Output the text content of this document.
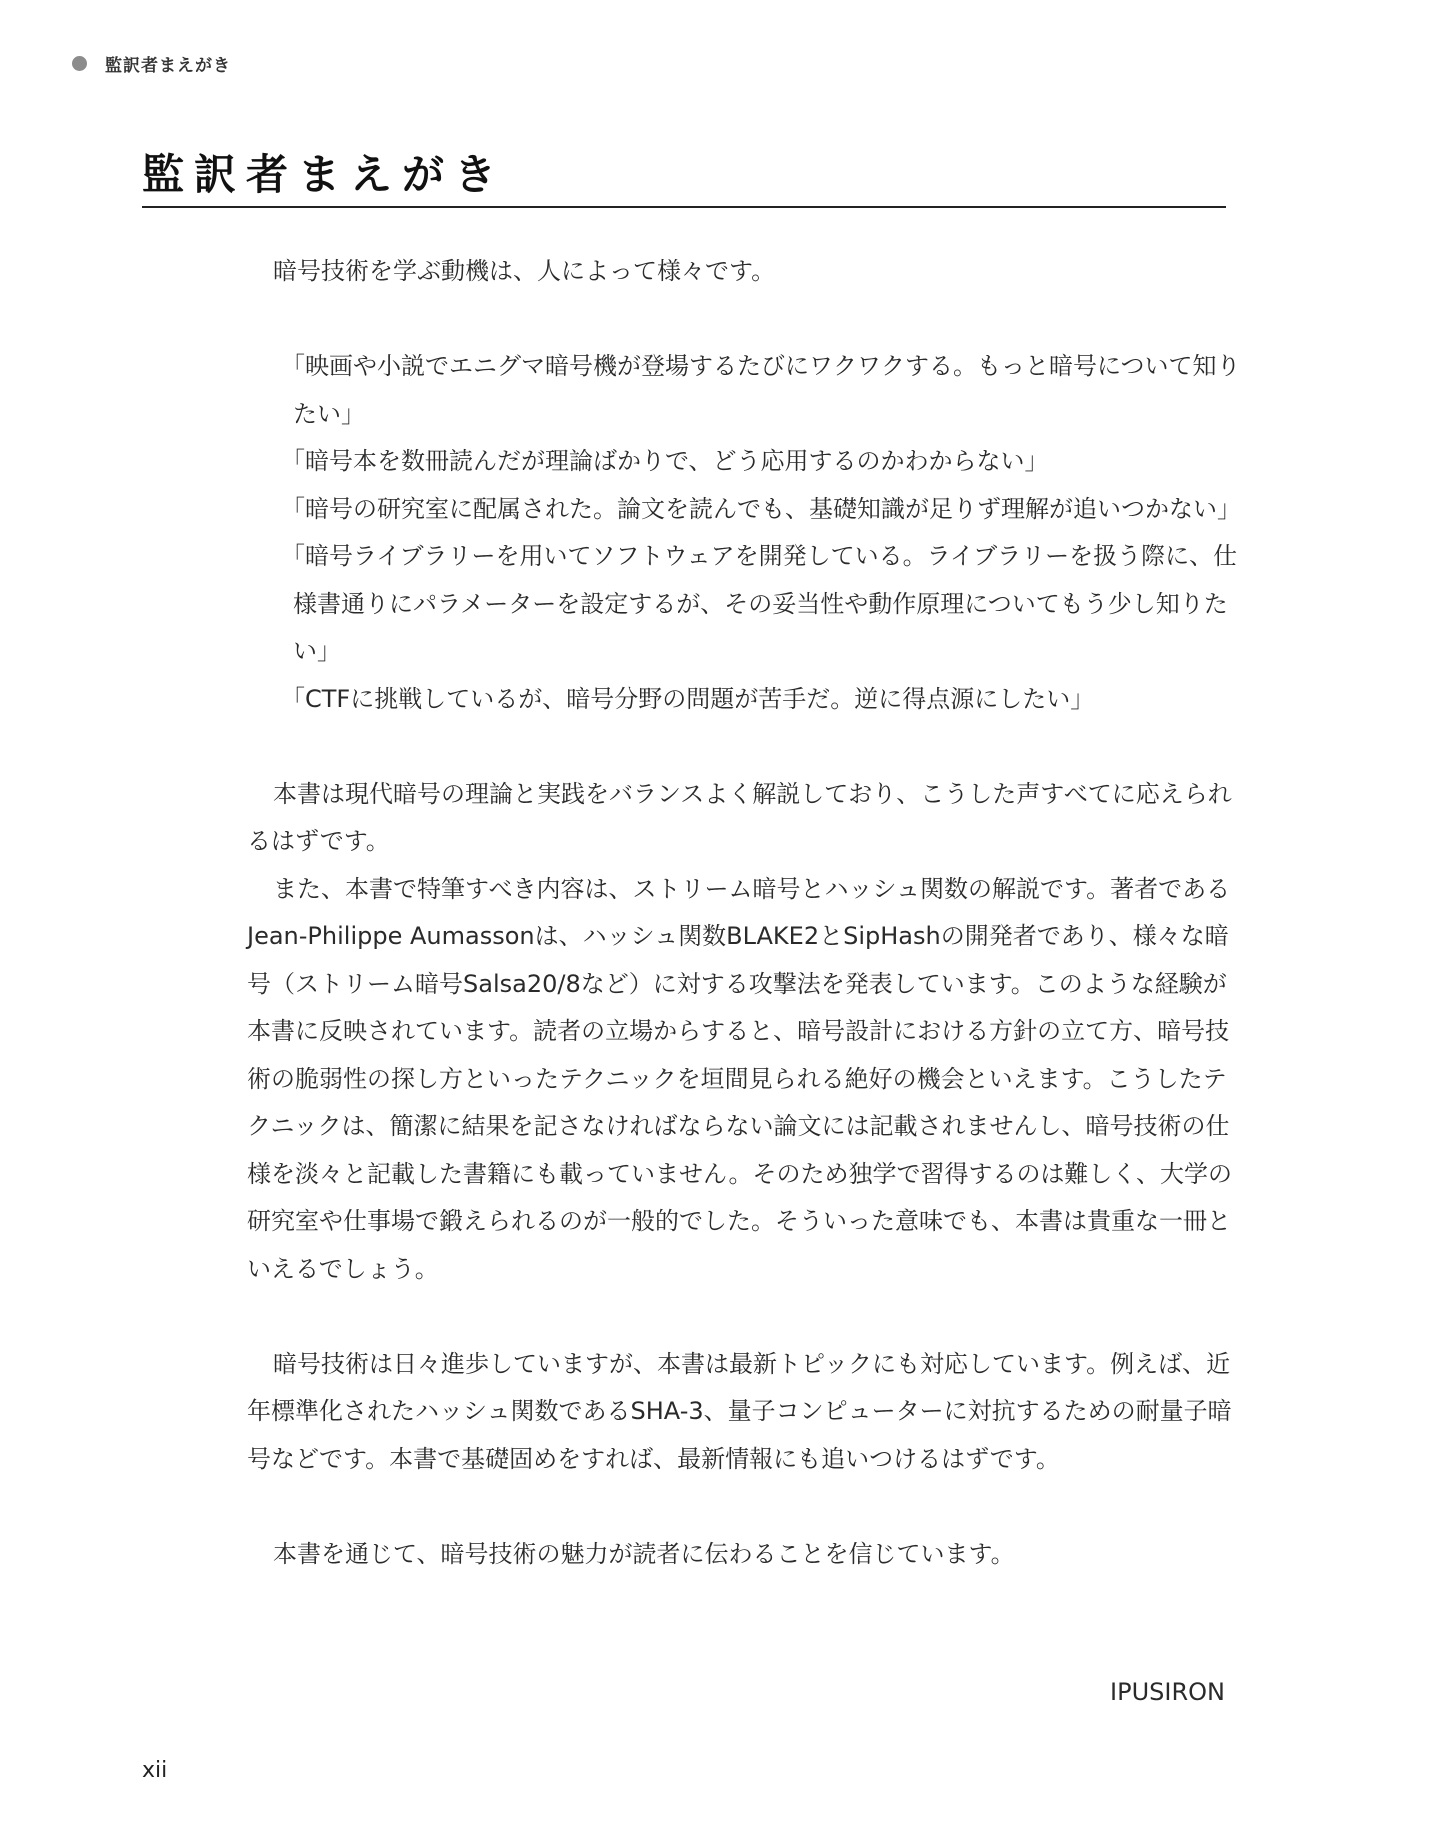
監訳者まえがき
監訳者まえがき

暗号技術を学ぶ動機は、人によって様々です。

「映画や小説でエニグマ暗号機が登場するたびにワクワクする。もっと暗号について知りたい」

「暗号本を数冊読んだが理論ばかりで、どう応用するのかわからない」

「暗号の研究室に配属された。論文を読んでも、基礎知識が足りず理解が追いつかない」

「暗号ライブラリーを用いてソフトウェアを開発している。ライブラリーを扱う際に、仕様書通りにパラメーターを設定するが、その妥当性や動作原理についてもう少し知りたい」

「CTFに挑戦しているが、暗号分野の問題が苦手だ。逆に得点源にしたい」

本書は現代暗号の理論と実践をバランスよく解説しており、こうした声すべてに応えられるはずです。

また、本書で特筆すべき内容は、ストリーム暗号とハッシュ関数の解説です。著者であるJean-Philippe Aumassonは、ハッシュ関数BLAKE2とSipHashの開発者であり、様々な暗号（ストリーム暗号Salsa20/8など）に対する攻撃法を発表しています。このような経験が本書に反映されています。読者の立場からすると、暗号設計における方針の立て方、暗号技術の脆弱性の探し方といったテクニックを垣間見られる絶好の機会といえます。こうしたテクニックは、簡潔に結果を記さなければならない論文には記載されませんし、暗号技術の仕様を淡々と記載した書籍にも載っていません。そのため独学で習得するのは難しく、大学の研究室や仕事場で鍛えられるのが一般的でした。そういった意味でも、本書は貴重な一冊といえるでしょう。

暗号技術は日々進歩していますが、本書は最新トピックにも対応しています。例えば、近年標準化されたハッシュ関数であるSHA-3、量子コンピューターに対抗するための耐量子暗号などです。本書で基礎固めをすれば、最新情報にも追いつけるはずです。

本書を通じて、暗号技術の魅力が読者に伝わることを信じています。

IPUSIRON
xii
